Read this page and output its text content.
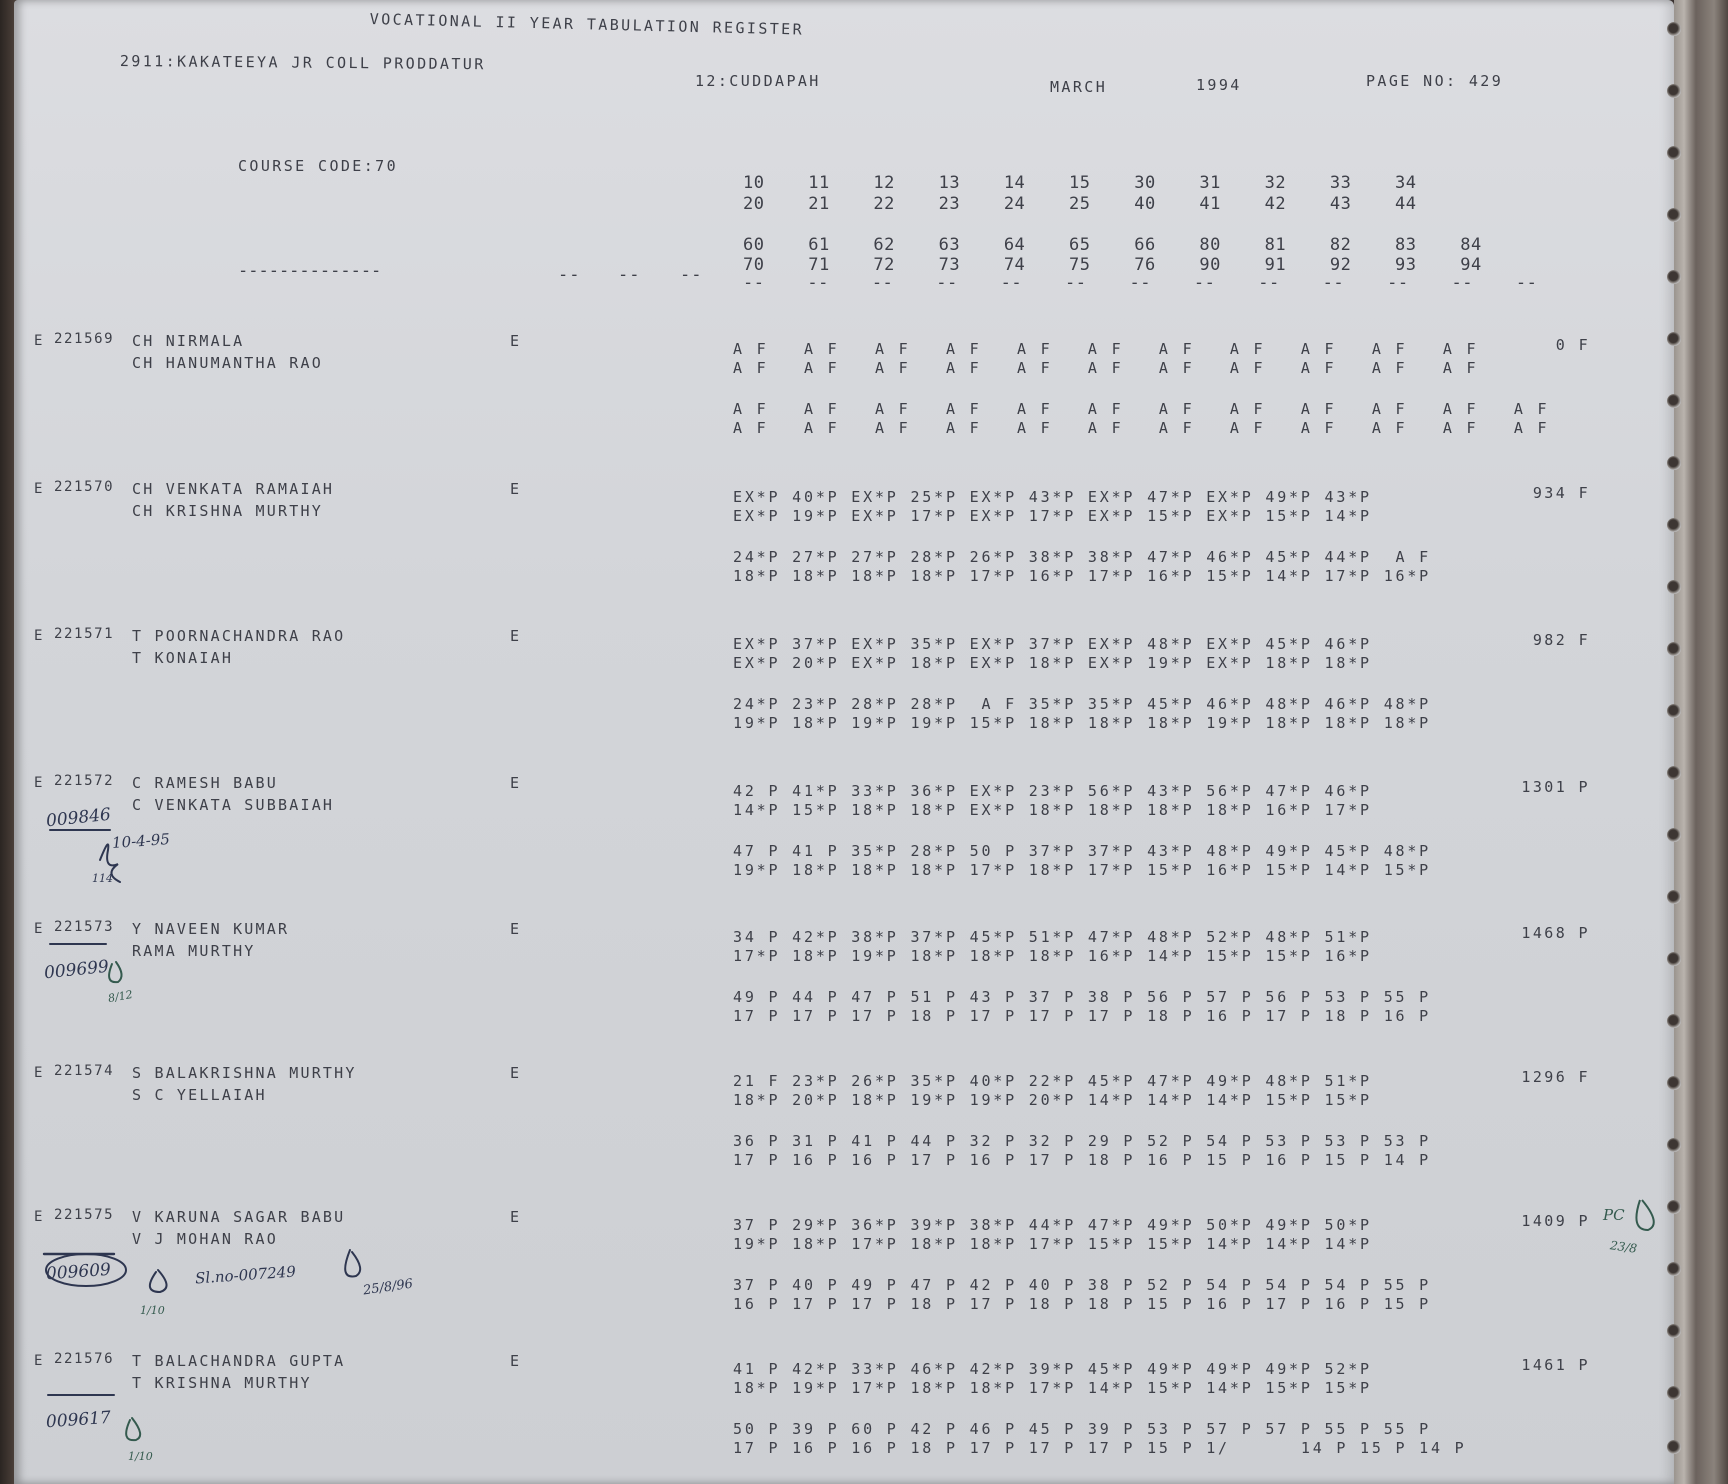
VOCATIONAL II YEAR TABULATION REGISTER
2911:KAKATEEYA JR COLL PRODDATUR
12:CUDDAPAH	MARCH	1994	PAGE NO: 429
COURSE CODE:70
10 11 12 13 14 15 30 31 32 33 34
20 21 22 23 24 25 40 41 42 43 44
60 61 62 63 64 65 66 80 81 82 83 84
70 71 72 73 74 75 76 90 91 92 93 94
--------------	-- -- -- --    --    --    --    --    --    --    --    --    --    --    --    --
E 221569 CH NIRMALA
CH HANUMANTHA RAO
E	A F   A F   A F   A F   A F   A F   A F   A F   A F   A F   A F
A F   A F   A F   A F   A F   A F   A F   A F   A F   A F   A F
A F   A F   A F   A F   A F   A F   A F   A F   A F   A F   A F   A F
A F   A F   A F   A F   A F   A F   A F   A F   A F   A F   A F   A F
0 F
E 221570 CH VENKATA RAMAIAH
CH KRISHNA MURTHY
E	EX*P 40*P EX*P 25*P EX*P 43*P EX*P 47*P EX*P 49*P 43*P
EX*P 19*P EX*P 17*P EX*P 17*P EX*P 15*P EX*P 15*P 14*P
24*P 27*P 27*P 28*P 26*P 38*P 38*P 47*P 46*P 45*P 44*P  A F
18*P 18*P 18*P 18*P 17*P 16*P 17*P 16*P 15*P 14*P 17*P 16*P
934 F
E 221571 T POORNACHANDRA RAO
T KONAIAH
E	EX*P 37*P EX*P 35*P EX*P 37*P EX*P 48*P EX*P 45*P 46*P
EX*P 20*P EX*P 18*P EX*P 18*P EX*P 19*P EX*P 18*P 18*P
24*P 23*P 28*P 28*P  A F 35*P 35*P 45*P 46*P 48*P 46*P 48*P
19*P 18*P 19*P 19*P 15*P 18*P 18*P 18*P 19*P 18*P 18*P 18*P
982 F
E 221572 C RAMESH BABU
C VENKATA SUBBAIAH
E	42 P 41*P 33*P 36*P EX*P 23*P 56*P 43*P 56*P 47*P 46*P
14*P 15*P 18*P 18*P EX*P 18*P 18*P 18*P 18*P 16*P 17*P
47 P 41 P 35*P 28*P 50 P 37*P 37*P 43*P 48*P 49*P 45*P 48*P
19*P 18*P 18*P 18*P 17*P 18*P 17*P 15*P 16*P 15*P 14*P 15*P
1301 P
E 221573 Y NAVEEN KUMAR
RAMA MURTHY
E	34 P 42*P 38*P 37*P 45*P 51*P 47*P 48*P 52*P 48*P 51*P
17*P 18*P 19*P 18*P 18*P 18*P 16*P 14*P 15*P 15*P 16*P
49 P 44 P 47 P 51 P 43 P 37 P 38 P 56 P 57 P 56 P 53 P 55 P
17 P 17 P 17 P 18 P 17 P 17 P 17 P 18 P 16 P 17 P 18 P 16 P
1468 P
E 221574 S BALAKRISHNA MURTHY
S C YELLAIAH
E	21 F 23*P 26*P 35*P 40*P 22*P 45*P 47*P 49*P 48*P 51*P
18*P 20*P 18*P 19*P 19*P 20*P 14*P 14*P 14*P 15*P 15*P
36 P 31 P 41 P 44 P 32 P 32 P 29 P 52 P 54 P 53 P 53 P 53 P
17 P 16 P 16 P 17 P 16 P 17 P 18 P 16 P 15 P 16 P 15 P 14 P
1296 F
E 221575 V KARUNA SAGAR BABU
V J MOHAN RAO
E	37 P 29*P 36*P 39*P 38*P 44*P 47*P 49*P 50*P 49*P 50*P
19*P 18*P 17*P 18*P 18*P 17*P 15*P 15*P 14*P 14*P 14*P
37 P 40 P 49 P 47 P 42 P 40 P 38 P 52 P 54 P 54 P 54 P 55 P
16 P 17 P 17 P 18 P 17 P 18 P 18 P 15 P 16 P 17 P 16 P 15 P
1409 P
E 221576 T BALACHANDRA GUPTA
T KRISHNA MURTHY
E	41 P 42*P 33*P 46*P 42*P 39*P 45*P 49*P 49*P 49*P 52*P
18*P 19*P 17*P 18*P 18*P 17*P 14*P 15*P 14*P 15*P 15*P
50 P 39 P 60 P 42 P 46 P 45 P 39 P 53 P 57 P 57 P 55 P 55 P
17 P 16 P 16 P 18 P 17 P 17 P 17 P 15 P 1/      14 P 15 P 14 P
1461 P
009846
10-4-95
114
009699
8/12
009609	Sl.no-007249
1/10
25/8/96
PC
23/8
009617
1/10
